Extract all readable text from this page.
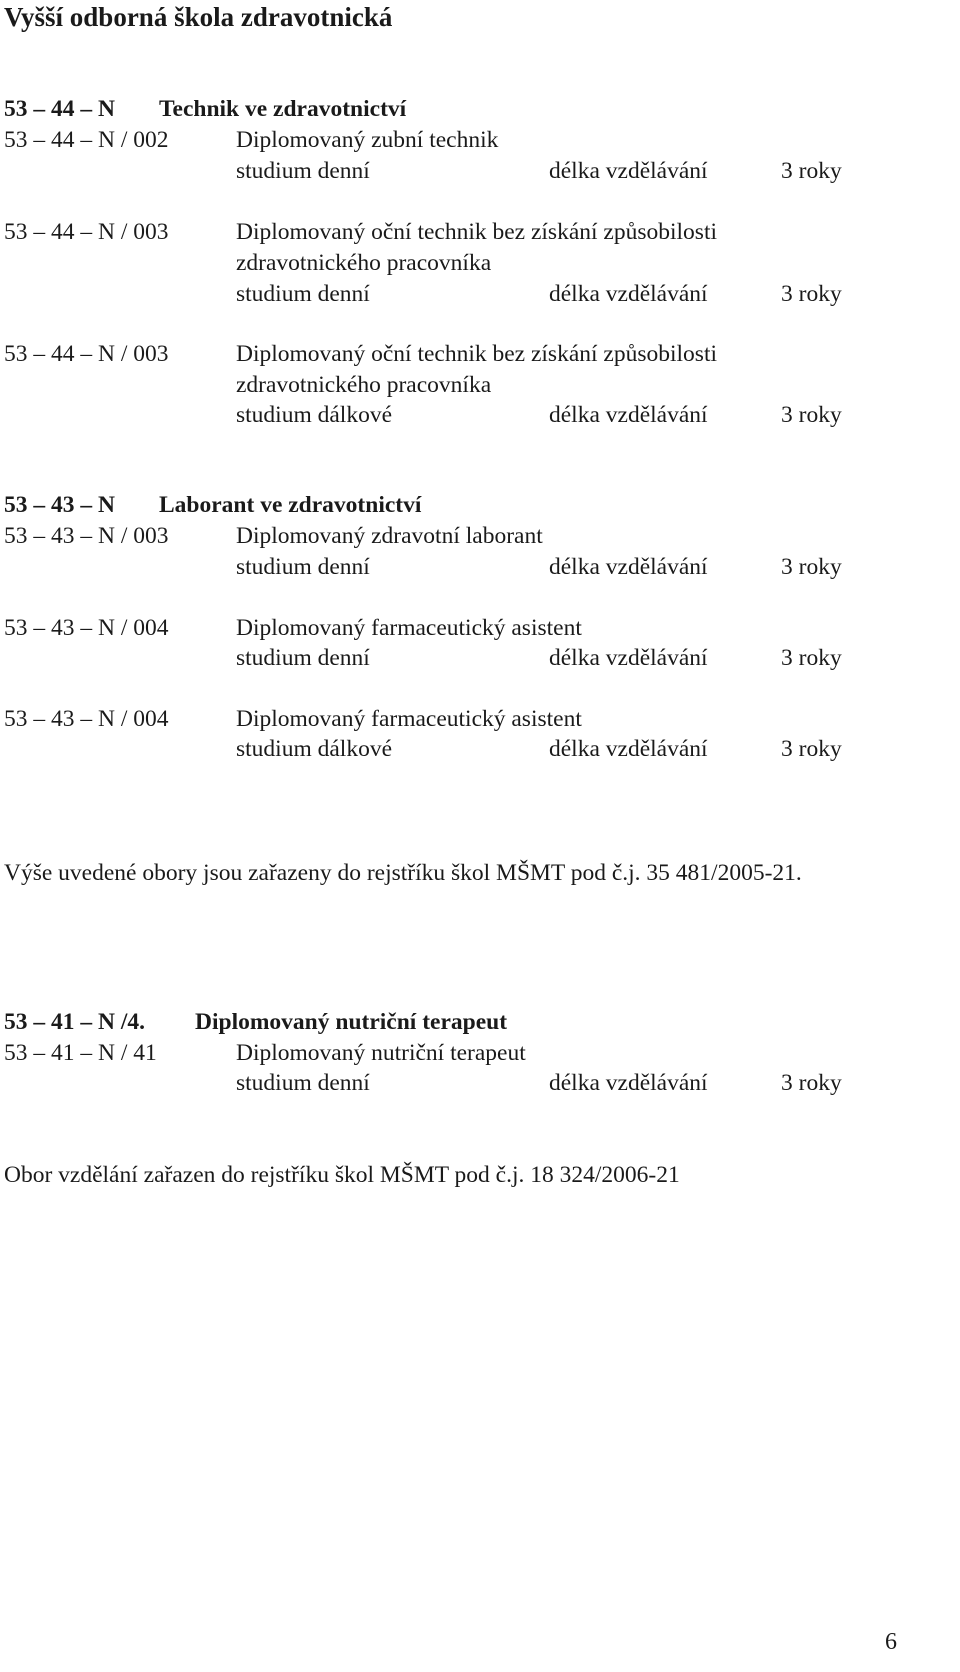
Vyšší odborná škola zdravotnická
53 – 44 – N Technik ve zdravotnictví
53 – 44 – N / 002	Diplomovaný zubní technik
studium denní	délka vzdělávání	3 roky
53 – 44 – N / 003	Diplomovaný oční technik bez získání způsobilosti
zdravotnického pracovníka
studium denní	délka vzdělávání	3 roky
53 – 44 – N / 003	Diplomovaný oční technik bez získání způsobilosti
zdravotnického pracovníka
studium dálkové	délka vzdělávání	3 roky
53 – 43 – N Laborant ve zdravotnictví
53 – 43 – N / 003	Diplomovaný zdravotní laborant
studium denní	délka vzdělávání	3 roky
53 – 43 – N / 004	Diplomovaný farmaceutický asistent
studium denní	délka vzdělávání	3 roky
53 – 43 – N / 004	Diplomovaný farmaceutický asistent
studium dálkové	délka vzdělávání	3 roky
Výše uvedené obory jsou zařazeny do rejstříku škol MŠMT pod č.j. 35 481/2005-21.
53 – 41 – N /4. Diplomovaný nutriční terapeut
53 – 41 – N / 41	Diplomovaný nutriční terapeut
studium denní	délka vzdělávání	3 roky
Obor vzdělání zařazen do rejstříku škol MŠMT pod č.j. 18 324/2006-21
6
